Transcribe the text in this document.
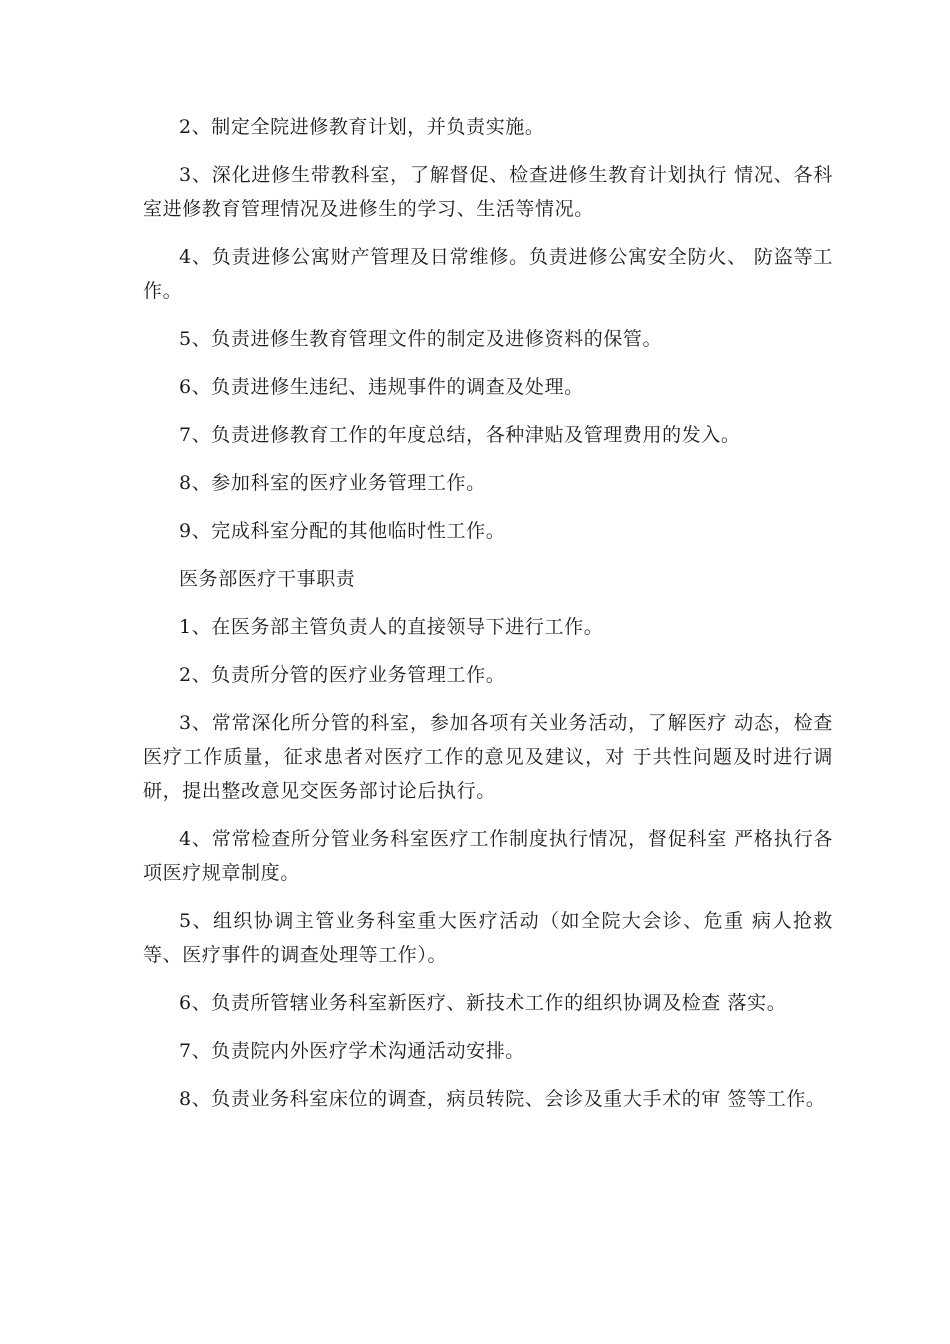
2、制定全院进修教育计划，并负责实施。

3、深化进修生带教科室，了解督促、检查进修生教育计划执行 情况、各科室进修教育管理情况及进修生的学习、生活等情况。

4、负责进修公寓财产管理及日常维修。负责进修公寓安全防火、 防盗等工作。

5、负责进修生教育管理文件的制定及进修资料的保管。

6、负责进修生违纪、违规事件的调查及处理。

7、负责进修教育工作的年度总结，各种津贴及管理费用的发入。

8、参加科室的医疗业务管理工作。

9、完成科室分配的其他临时性工作。

医务部医疗干事职责

1、在医务部主管负责人的直接领导下进行工作。

2、负责所分管的医疗业务管理工作。

3、常常深化所分管的科室，参加各项有关业务活动，了解医疗 动态，检查医疗工作质量，征求患者对医疗工作的意见及建议，对 于共性问题及时进行调研，提出整改意见交医务部讨论后执行。

4、常常检查所分管业务科室医疗工作制度执行情况，督促科室 严格执行各项医疗规章制度。

5、组织协调主管业务科室重大医疗活动（如全院大会诊、危重 病人抢救等、医疗事件的调查处理等工作）。

6、负责所管辖业务科室新医疗、新技术工作的组织协调及检查 落实。

7、负责院内外医疗学术沟通活动安排。

8、负责业务科室床位的调查，病员转院、会诊及重大手术的审 签等工作。
